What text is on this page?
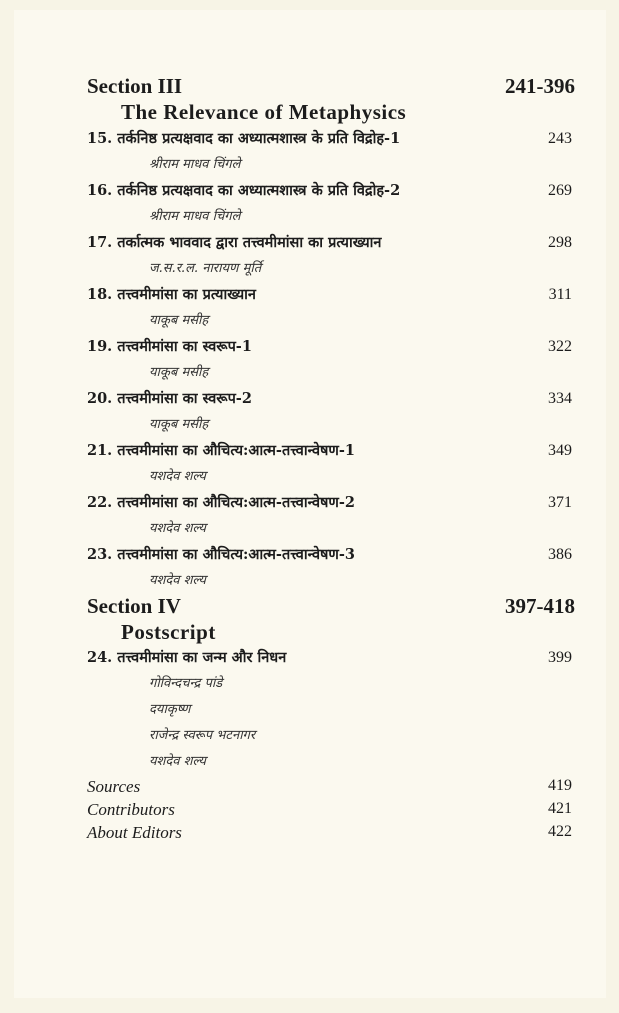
Section III	241-396
The Relevance of Metaphysics
15. तर्कनिष्ठ प्रत्यक्षवाद का अध्यात्मशास्त्र के प्रति विद्रोह-1	243
श्रीराम माधव चिंगले
16. तर्कनिष्ठ प्रत्यक्षवाद का अध्यात्मशास्त्र के प्रति विद्रोह-2	269
श्रीराम माधव चिंगले
17. तर्कात्मक भाववाद द्वारा तत्त्वमीमांसा का प्रत्याख्यान	298
ज.स.र.ल. नारायण मूर्ति
18. तत्त्वमीमांसा का प्रत्याख्यान	311
याकूब मसीह
19. तत्त्वमीमांसा का स्वरूप-1	322
याकूब मसीह
20. तत्त्वमीमांसा का स्वरूप-2	334
याकूब मसीह
21. तत्त्वमीमांसा का औचित्य:आत्म-तत्त्वान्वेषण-1	349
यशदेव शल्य
22. तत्त्वमीमांसा का औचित्य:आत्म-तत्त्वान्वेषण-2	371
यशदेव शल्य
23. तत्त्वमीमांसा का औचित्य:आत्म-तत्त्वान्वेषण-3	386
यशदेव शल्य
Section IV	397-418
Postscript
24. तत्त्वमीमांसा का जन्म और निधन	399
गोविन्दचन्द्र पांडे
दयाकृष्ण
राजेन्द्र स्वरूप भटनागर
यशदेव शल्य
Sources	419
Contributors	421
About Editors	422
